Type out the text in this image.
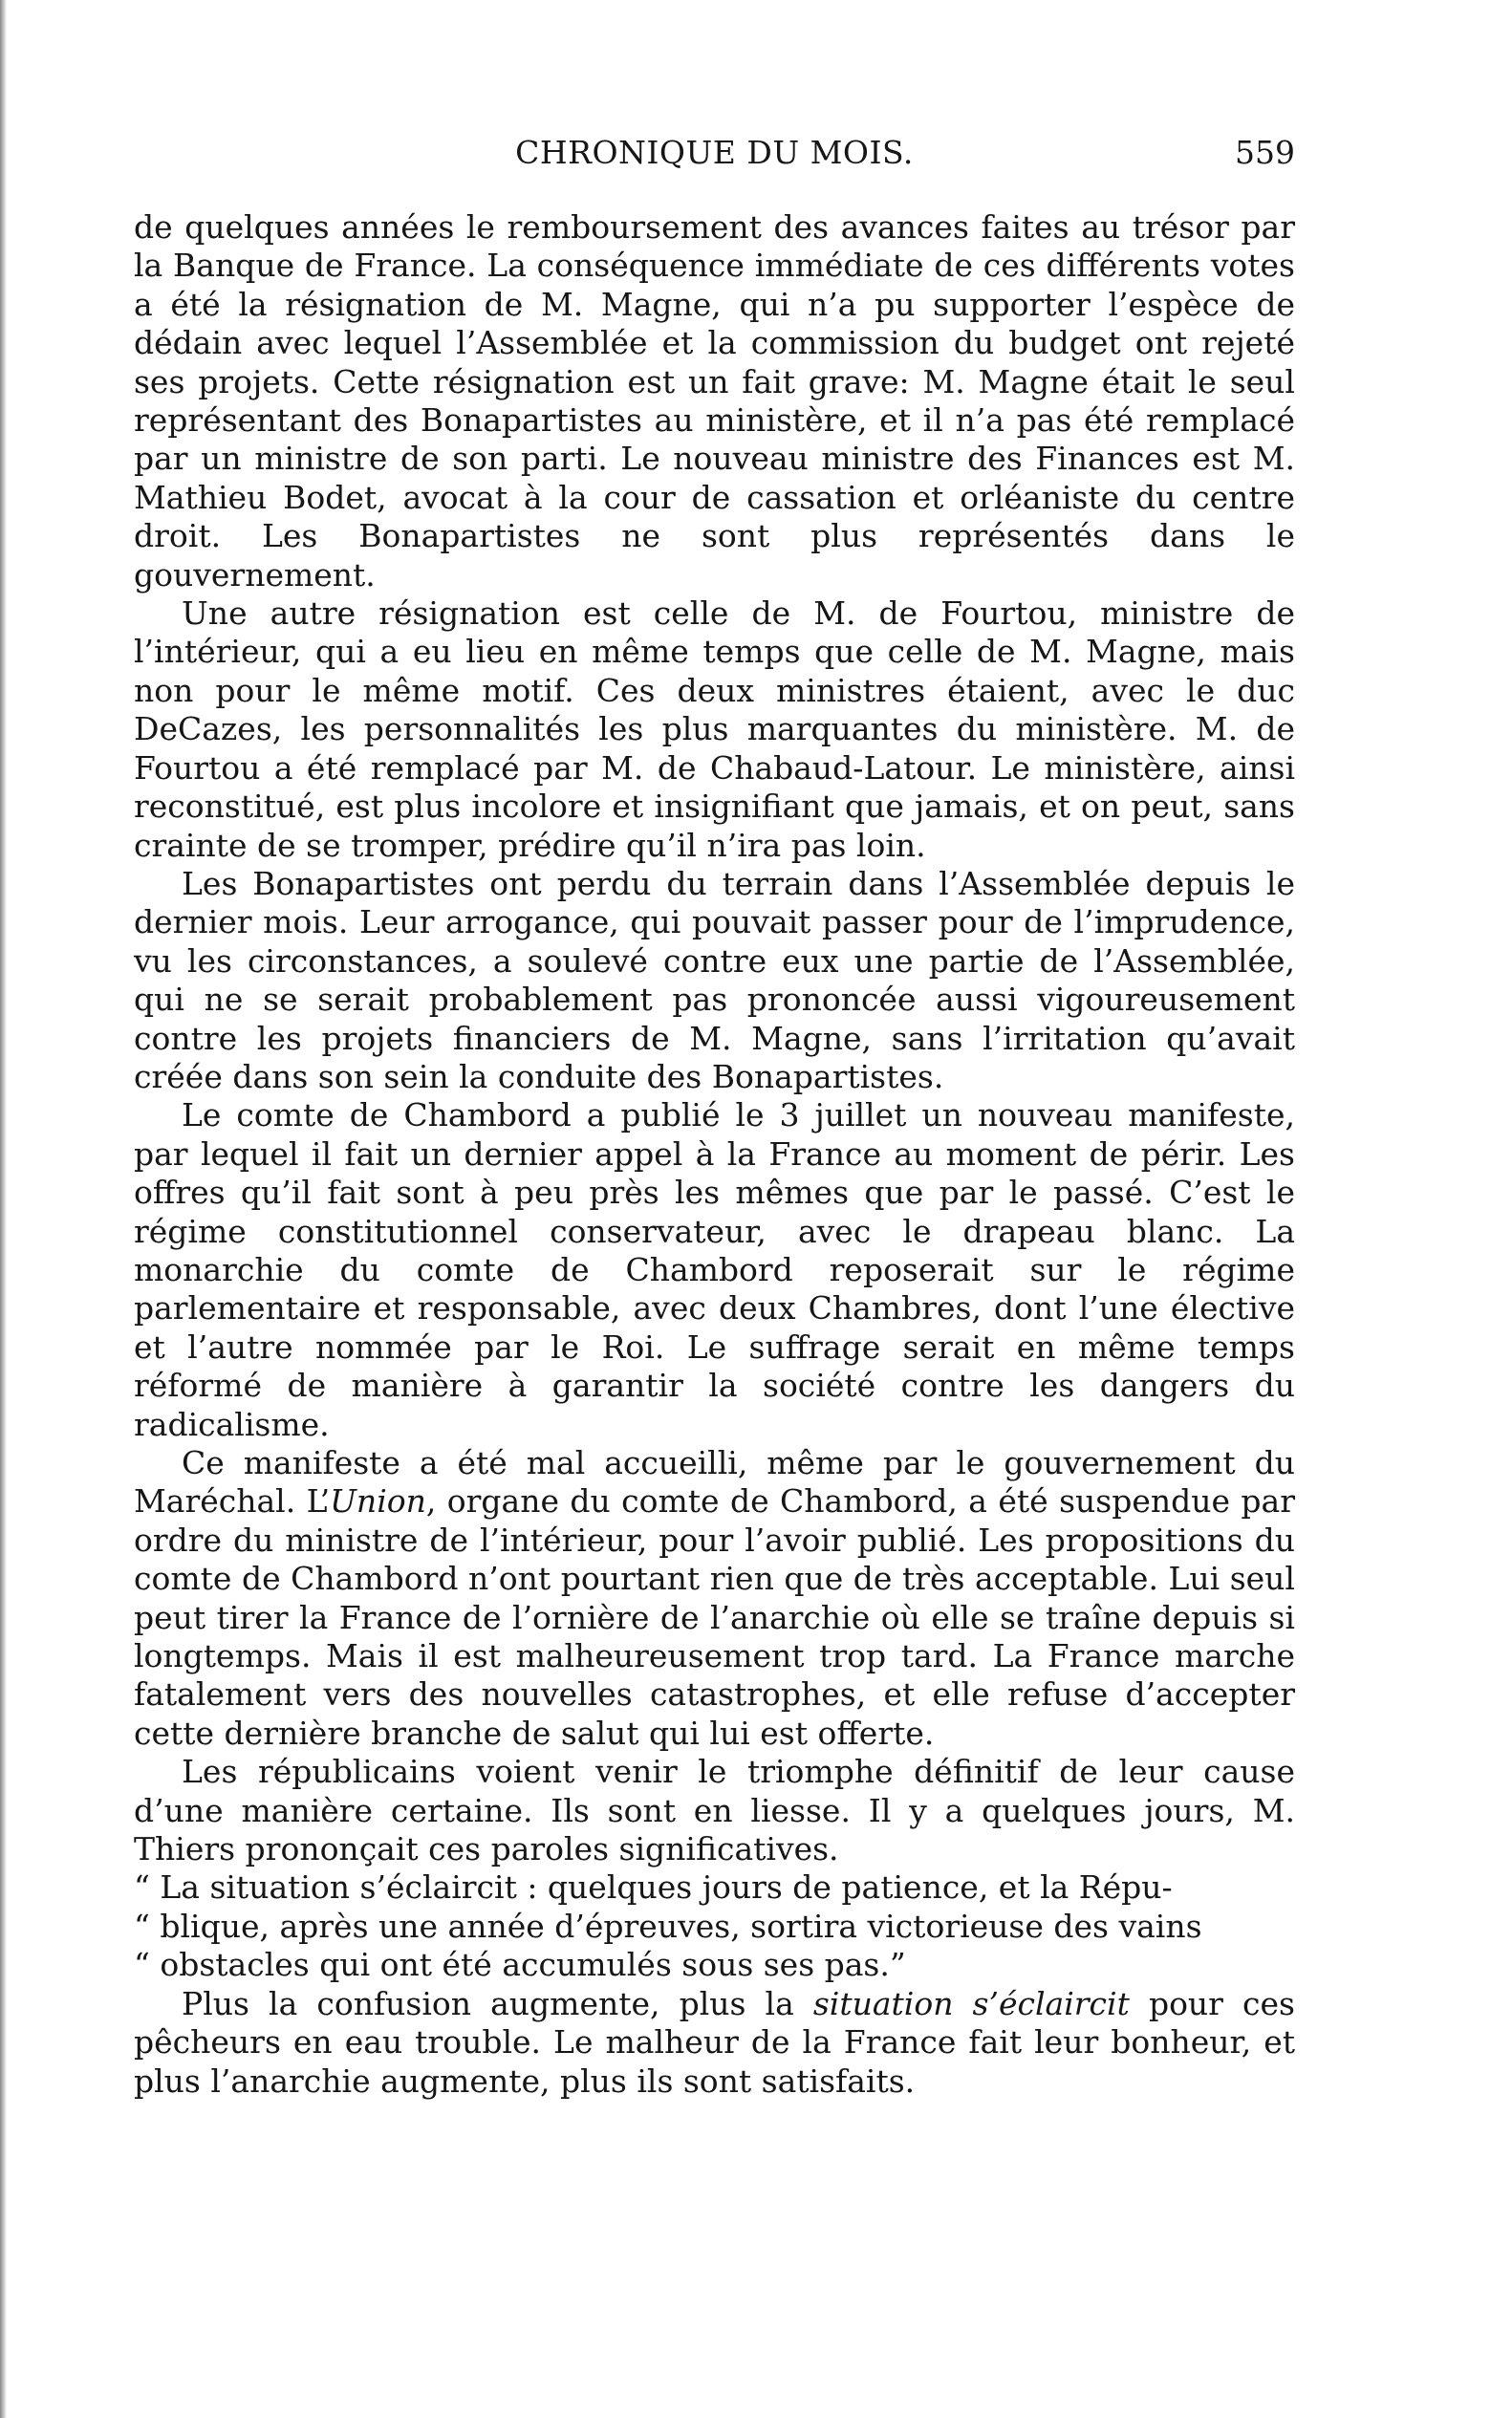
CHRONIQUE DU MOIS.	559

de quelques années le remboursement des avances faites au trésor par la Banque de France. La conséquence immédiate de ces différents votes a été la résignation de M. Magne, qui n’a pu supporter l’espèce de dédain avec lequel l’Assemblée et la commission du budget ont rejeté ses projets. Cette résignation est un fait grave: M. Magne était le seul représentant des Bonapartistes au ministère, et il n’a pas été remplacé par un ministre de son parti. Le nouveau ministre des Finances est M. Mathieu Bodet, avocat à la cour de cassation et orléaniste du centre droit. Les Bonapartistes ne sont plus représentés dans le gouvernement.

Une autre résignation est celle de M. de Fourtou, ministre de l’intérieur, qui a eu lieu en même temps que celle de M. Magne, mais non pour le même motif. Ces deux ministres étaient, avec le duc DeCazes, les personnalités les plus marquantes du ministère. M. de Fourtou a été remplacé par M. de Chabaud-Latour. Le ministère, ainsi reconstitué, est plus incolore et insignifiant que jamais, et on peut, sans crainte de se tromper, prédire qu’il n’ira pas loin.

Les Bonapartistes ont perdu du terrain dans l’Assemblée depuis le dernier mois. Leur arrogance, qui pouvait passer pour de l’imprudence, vu les circonstances, a soulevé contre eux une partie de l’Assemblée, qui ne se serait probablement pas prononcée aussi vigoureusement contre les projets financiers de M. Magne, sans l’irritation qu’avait créée dans son sein la conduite des Bonapartistes.

Le comte de Chambord a publié le 3 juillet un nouveau manifeste, par lequel il fait un dernier appel à la France au moment de périr. Les offres qu’il fait sont à peu près les mêmes que par le passé. C’est le régime constitutionnel conservateur, avec le drapeau blanc. La monarchie du comte de Chambord reposerait sur le régime parlementaire et responsable, avec deux Chambres, dont l’une élective et l’autre nommée par le Roi. Le suffrage serait en même temps réformé de manière à garantir la société contre les dangers du radicalisme.

Ce manifeste a été mal accueilli, même par le gouvernement du Maréchal. L’Union, organe du comte de Chambord, a été suspendue par ordre du ministre de l’intérieur, pour l’avoir publié. Les propositions du comte de Chambord n’ont pourtant rien que de très acceptable. Lui seul peut tirer la France de l’ornière de l’anarchie où elle se traîne depuis si longtemps. Mais il est malheureusement trop tard. La France marche fatalement vers des nouvelles catastrophes, et elle refuse d’accepter cette dernière branche de salut qui lui est offerte.

Les républicains voient venir le triomphe définitif de leur cause d’une manière certaine. Ils sont en liesse. Il y a quelques jours, M. Thiers prononçait ces paroles significatives.

“ La situation s’éclaircit : quelques jours de patience, et la Répu-

“ blique, après une année d’épreuves, sortira victorieuse des vains

“ obstacles qui ont été accumulés sous ses pas.”

Plus la confusion augmente, plus la situation s’éclaircit pour ces pêcheurs en eau trouble. Le malheur de la France fait leur bonheur, et plus l’anarchie augmente, plus ils sont satisfaits.
